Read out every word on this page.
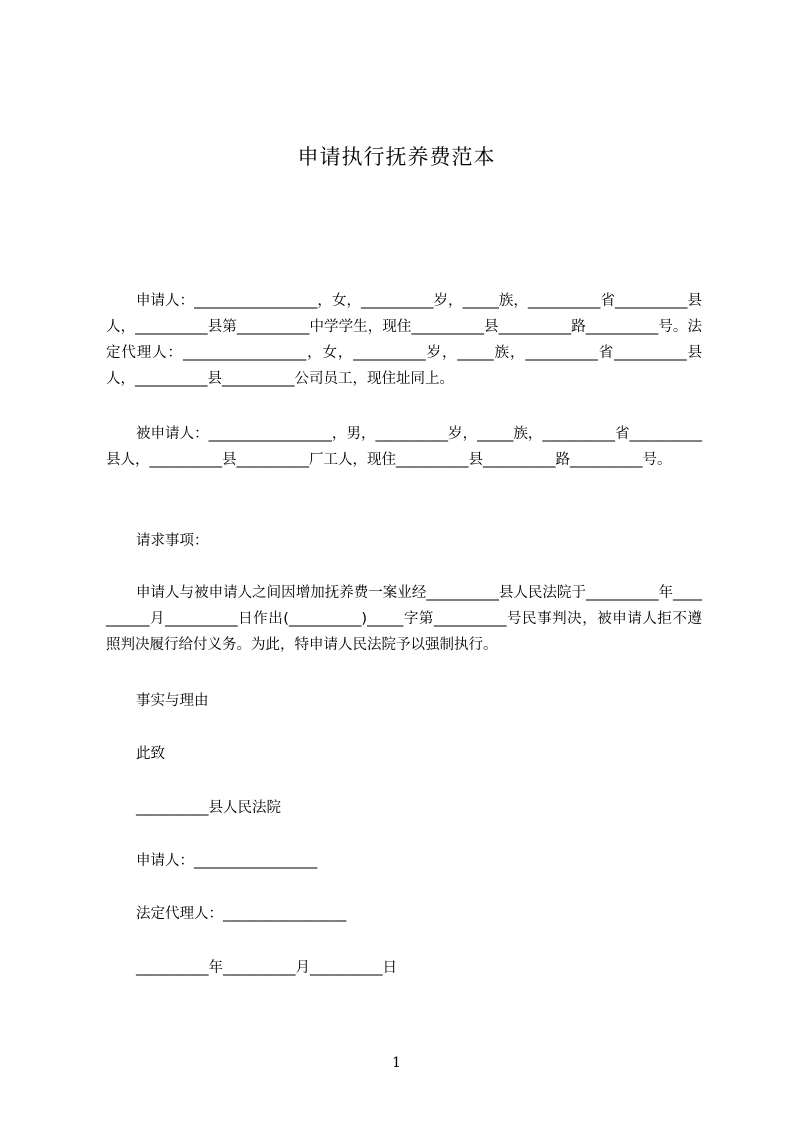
申请执行抚养费范本

申请人：_________________，女，__________岁，_____族，__________省__________县人，__________县第__________中学学生，现住__________县__________路__________号。法定代理人：_________________，女，__________岁，_____族，__________省__________县人，__________县__________公司员工，现住址同上。

被申请人：_________________，男，__________岁，_____族，__________省__________县人，__________县__________厂工人，现住__________县__________路__________号。

请求事项：

申请人与被申请人之间因增加抚养费一案业经__________县人民法院于__________年__________月__________日作出(__________)_____字第__________号民事判决，被申请人拒不遵照判决履行给付义务。为此，特申请人民法院予以强制执行。

事实与理由

此致

__________县人民法院

申请人：_________________

法定代理人：_________________

__________年__________月__________日

1
